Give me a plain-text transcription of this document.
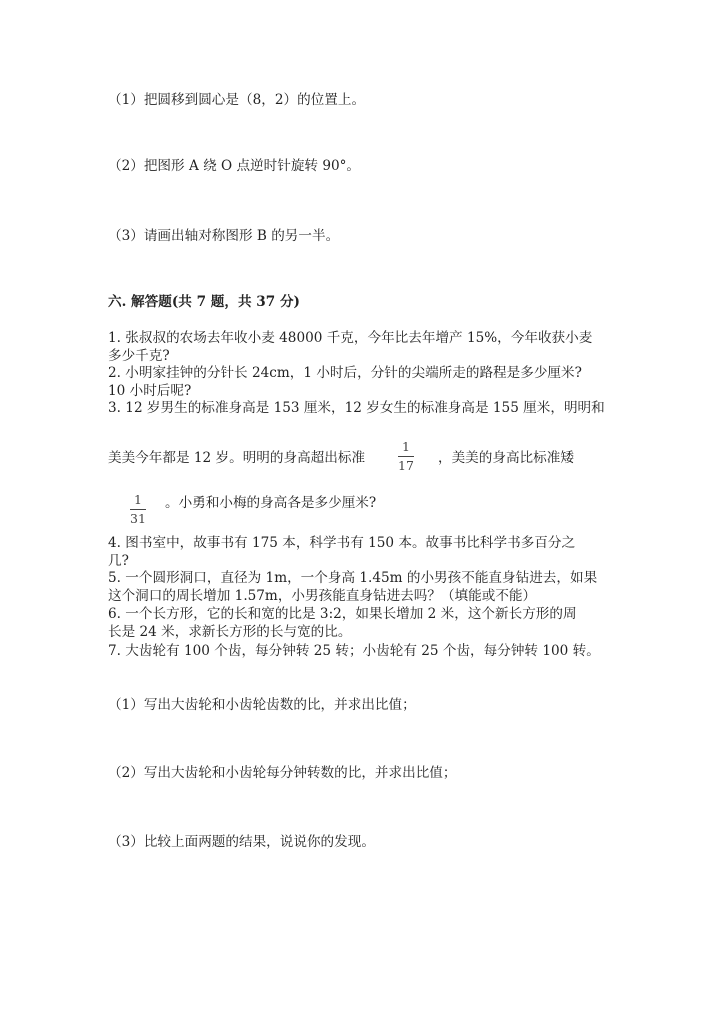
（1）把圆移到圆心是（8，2）的位置上。
（2）把图形 A 绕 O 点逆时针旋转 90°。
（3）请画出轴对称图形 B 的另一半。
六. 解答题(共 7 题，共 37 分)
1. 张叔叔的农场去年收小麦 48000 千克，今年比去年增产 15%，今年收获小麦
多少千克?
2. 小明家挂钟的分针长 24cm，1 小时后，分针的尖端所走的路程是多少厘米?
10 小时后呢?
3. 12 岁男生的标准身高是 153 厘米，12 岁女生的标准身高是 155 厘米，明明和
美美今年都是 12 岁。明明的身高超出标准
1
17 ，美美的身高比标准矮
1
31
。小勇和小梅的身高各是多少厘米?
4. 图书室中，故事书有 175 本，科学书有 150 本。故事书比科学书多百分之
几?
5. 一个圆形洞口，直径为 1m，一个身高 1.45m 的小男孩不能直身钻进去，如果
这个洞口的周长增加 1.57m，小男孩能直身钻进去吗？（填能或不能）
6. 一个长方形，它的长和宽的比是 3:2，如果长增加 2 米，这个新长方形的周
长是 24 米，求新长方形的长与宽的比。
7. 大齿轮有 100 个齿，每分钟转 25 转；小齿轮有 25 个齿，每分钟转 100 转。
（1）写出大齿轮和小齿轮齿数的比，并求出比值；
（2）写出大齿轮和小齿轮每分钟转数的比，并求出比值；
（3）比较上面两题的结果，说说你的发现。
